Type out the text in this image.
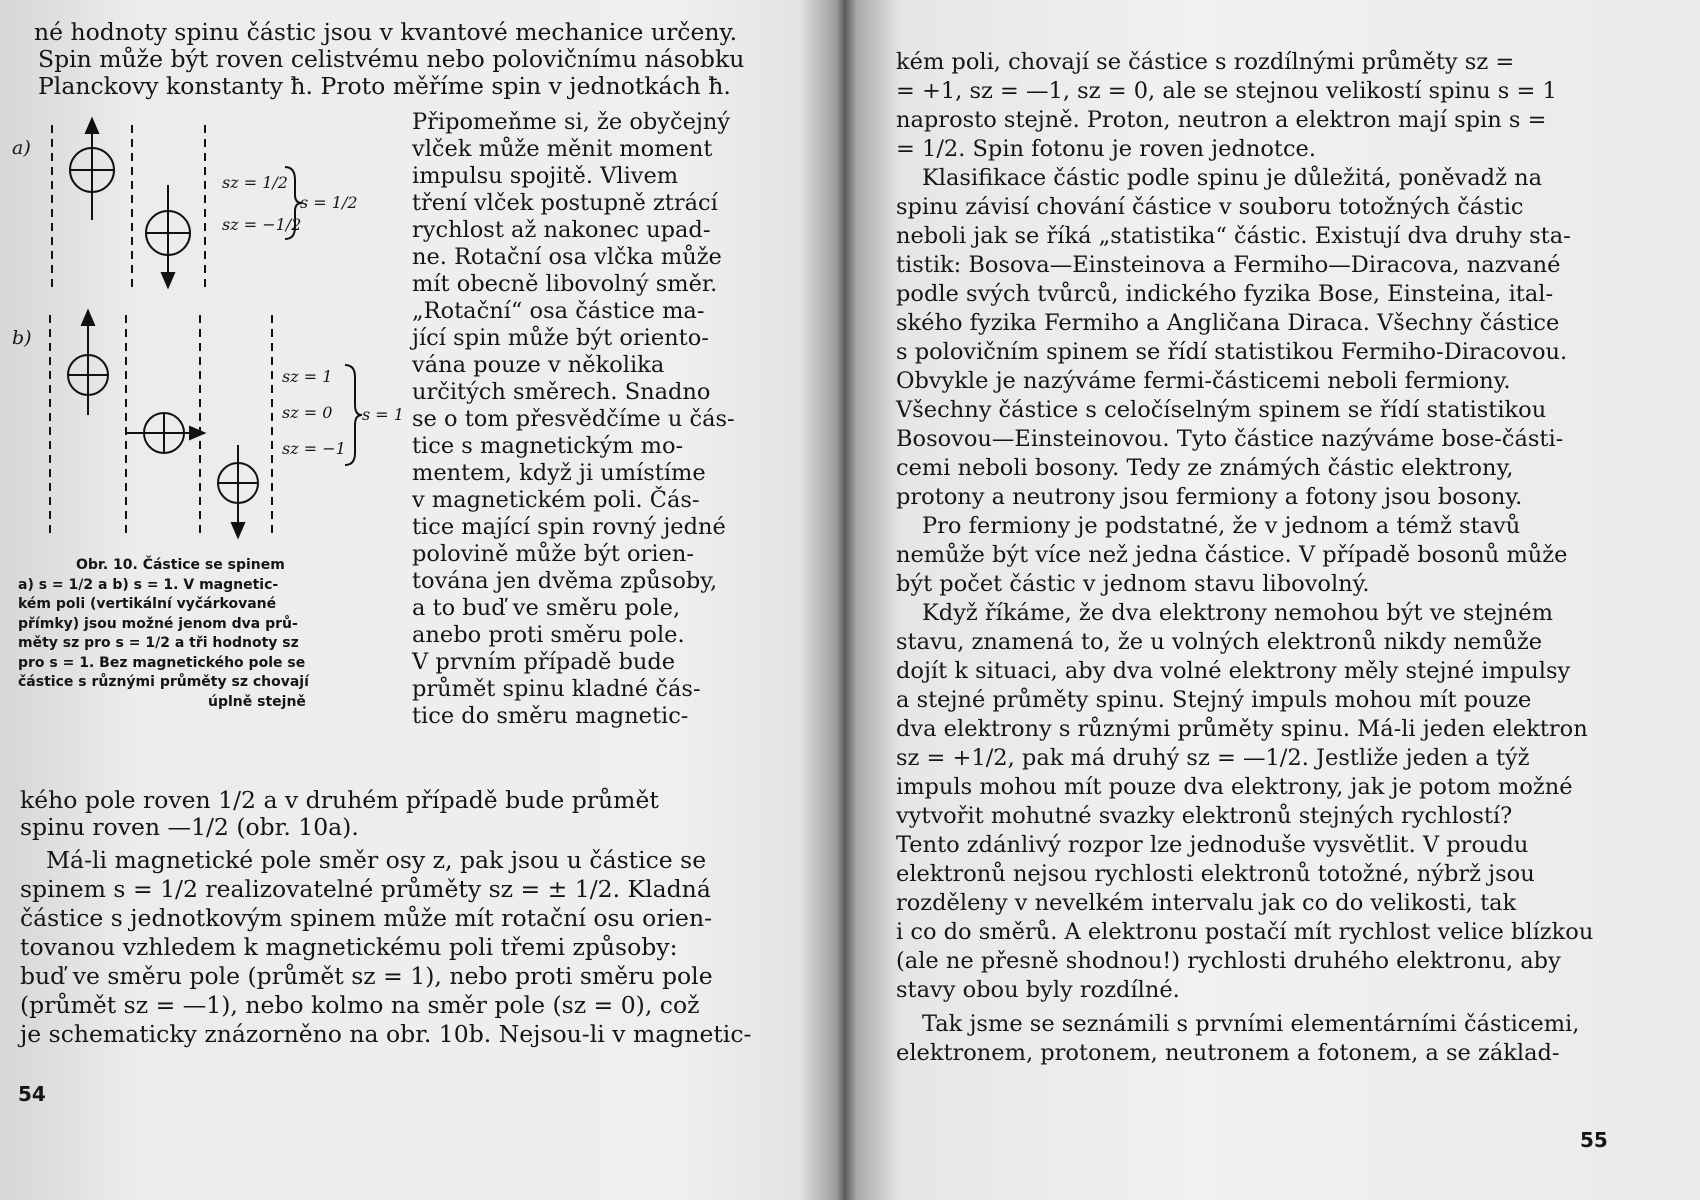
né hodnoty spinu částic jsou v kvantové mechanice určeny.
Spin může být roven celistvému nebo polovičnímu násobku
Planckovy konstanty ħ. Proto měříme spin v jednotkách ħ.
Připomeňme si, že obyčejný
vlček může měnit moment
impulsu spojitě. Vlivem
tření vlček postupně ztrácí
rychlost až nakonec upad-
ne. Rotační osa vlčka může
mít obecně libovolný směr.
„Rotační“ osa částice ma-
jící spin může být oriento-
vána pouze v několika
určitých směrech. Snadno
se o tom přesvědčíme u čás-
tice s magnetickým mo-
mentem, když ji umístíme
v magnetickém poli. Čás-
tice mající spin rovný jedné
polovině může být orien-
tována jen dvěma způsoby,
a to buď ve směru pole,
anebo proti směru pole.
V prvním případě bude
průmět spinu kladné čás-
tice do směru magnetic-
a)
b)
sz = 1/2
sz = −1/2
s = 1/2
sz = 1
sz = 0
sz = −1
s = 1
Obr. 10. Částice se spinem
a) s = 1/2 a b) s = 1. V magnetic-
kém poli (vertikální vyčárkované
přímky) jsou možné jenom dva prů-
měty sz pro s = 1/2 a tři hodnoty sz
pro s = 1. Bez magnetického pole se
částice s různými průměty sz chovají
úplně stejně
kého pole roven 1/2 a v druhém případě bude průmět
spinu roven —1/2 (obr. 10a).
Má-li magnetické pole směr osy z, pak jsou u částice se
spinem s = 1/2 realizovatelné průměty sz = ± 1/2. Kladná
částice s jednotkovým spinem může mít rotační osu orien-
tovanou vzhledem k magnetickému poli třemi způsoby:
buď ve směru pole (průmět sz = 1), nebo proti směru pole
(průmět sz = —1), nebo kolmo na směr pole (sz = 0), což
je schematicky znázorněno na obr. 10b. Nejsou-li v magnetic-
54
kém poli, chovají se částice s rozdílnými průměty sz =
= +1, sz = —1, sz = 0, ale se stejnou velikostí spinu s = 1
naprosto stejně. Proton, neutron a elektron mají spin s =
= 1/2. Spin fotonu je roven jednotce.
Klasifikace částic podle spinu je důležitá, poněvadž na
spinu závisí chování částice v souboru totožných částic
neboli jak se říká „statistika“ částic. Existují dva druhy sta-
tistik: Bosova—Einsteinova a Fermiho—Diracova, nazvané
podle svých tvůrců, indického fyzika Bose, Einsteina, ital-
ského fyzika Fermiho a Angličana Diraca. Všechny částice
s polovičním spinem se řídí statistikou Fermiho-Diracovou.
Obvykle je nazýváme fermi-částicemi neboli fermiony.
Všechny částice s celočíselným spinem se řídí statistikou
Bosovou—Einsteinovou. Tyto částice nazýváme bose-části-
cemi neboli bosony. Tedy ze známých částic elektrony,
protony a neutrony jsou fermiony a fotony jsou bosony.
Pro fermiony je podstatné, že v jednom a témž stavů
nemůže být více než jedna částice. V případě bosonů může
být počet částic v jednom stavu libovolný.
Když říkáme, že dva elektrony nemohou být ve stejném
stavu, znamená to, že u volných elektronů nikdy nemůže
dojít k situaci, aby dva volné elektrony měly stejné impulsy
a stejné průměty spinu. Stejný impuls mohou mít pouze
dva elektrony s různými průměty spinu. Má-li jeden elektron
sz = +1/2, pak má druhý sz = —1/2. Jestliže jeden a týž
impuls mohou mít pouze dva elektrony, jak je potom možné
vytvořit mohutné svazky elektronů stejných rychlostí?
Tento zdánlivý rozpor lze jednoduše vysvětlit. V proudu
elektronů nejsou rychlosti elektronů totožné, nýbrž jsou
rozděleny v nevelkém intervalu jak co do velikosti, tak
i co do směrů. A elektronu postačí mít rychlost velice blízkou
(ale ne přesně shodnou!) rychlosti druhého elektronu, aby
stavy obou byly rozdílné.
Tak jsme se seznámili s prvními elementárními částicemi,
elektronem, protonem, neutronem a fotonem, a se základ-
55
